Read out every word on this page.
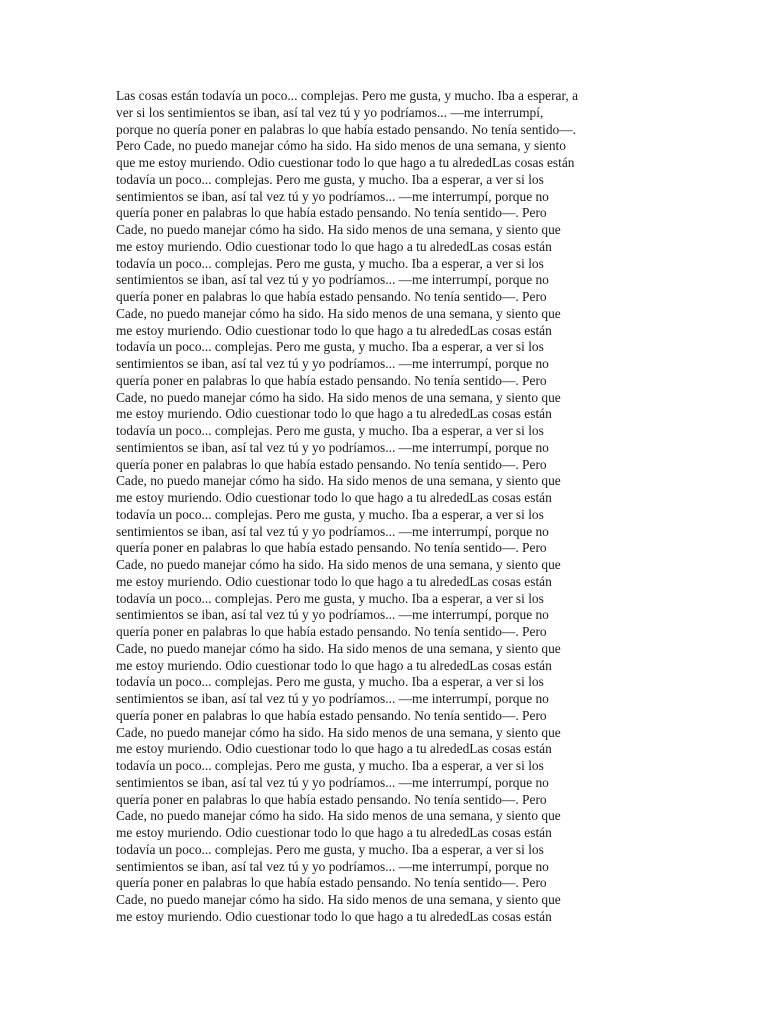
Las cosas están todavía un poco... complejas. Pero me gusta, y mucho. Iba a esperar, a
ver si los sentimientos se iban, así tal vez tú y yo podríamos... —me interrumpí,
porque no quería poner en palabras lo que había estado pensando. No tenía sentido—.
Pero Cade, no puedo manejar cómo ha sido. Ha sido menos de una semana, y siento
que me estoy muriendo. Odio cuestionar todo lo que hago a tu alrededLas cosas están
todavía un poco... complejas. Pero me gusta, y mucho. Iba a esperar, a ver si los
sentimientos se iban, así tal vez tú y yo podríamos... —me interrumpí, porque no
quería poner en palabras lo que había estado pensando. No tenía sentido—. Pero
Cade, no puedo manejar cómo ha sido. Ha sido menos de una semana, y siento que
me estoy muriendo. Odio cuestionar todo lo que hago a tu alrededLas cosas están
todavía un poco... complejas. Pero me gusta, y mucho. Iba a esperar, a ver si los
sentimientos se iban, así tal vez tú y yo podríamos... —me interrumpí, porque no
quería poner en palabras lo que había estado pensando. No tenía sentido—. Pero
Cade, no puedo manejar cómo ha sido. Ha sido menos de una semana, y siento que
me estoy muriendo. Odio cuestionar todo lo que hago a tu alrededLas cosas están
todavía un poco... complejas. Pero me gusta, y mucho. Iba a esperar, a ver si los
sentimientos se iban, así tal vez tú y yo podríamos... —me interrumpí, porque no
quería poner en palabras lo que había estado pensando. No tenía sentido—. Pero
Cade, no puedo manejar cómo ha sido. Ha sido menos de una semana, y siento que
me estoy muriendo. Odio cuestionar todo lo que hago a tu alrededLas cosas están
todavía un poco... complejas. Pero me gusta, y mucho. Iba a esperar, a ver si los
sentimientos se iban, así tal vez tú y yo podríamos... —me interrumpí, porque no
quería poner en palabras lo que había estado pensando. No tenía sentido—. Pero
Cade, no puedo manejar cómo ha sido. Ha sido menos de una semana, y siento que
me estoy muriendo. Odio cuestionar todo lo que hago a tu alrededLas cosas están
todavía un poco... complejas. Pero me gusta, y mucho. Iba a esperar, a ver si los
sentimientos se iban, así tal vez tú y yo podríamos... —me interrumpí, porque no
quería poner en palabras lo que había estado pensando. No tenía sentido—. Pero
Cade, no puedo manejar cómo ha sido. Ha sido menos de una semana, y siento que
me estoy muriendo. Odio cuestionar todo lo que hago a tu alrededLas cosas están
todavía un poco... complejas. Pero me gusta, y mucho. Iba a esperar, a ver si los
sentimientos se iban, así tal vez tú y yo podríamos... —me interrumpí, porque no
quería poner en palabras lo que había estado pensando. No tenía sentido—. Pero
Cade, no puedo manejar cómo ha sido. Ha sido menos de una semana, y siento que
me estoy muriendo. Odio cuestionar todo lo que hago a tu alrededLas cosas están
todavía un poco... complejas. Pero me gusta, y mucho. Iba a esperar, a ver si los
sentimientos se iban, así tal vez tú y yo podríamos... —me interrumpí, porque no
quería poner en palabras lo que había estado pensando. No tenía sentido—. Pero
Cade, no puedo manejar cómo ha sido. Ha sido menos de una semana, y siento que
me estoy muriendo. Odio cuestionar todo lo que hago a tu alrededLas cosas están
todavía un poco... complejas. Pero me gusta, y mucho. Iba a esperar, a ver si los
sentimientos se iban, así tal vez tú y yo podríamos... —me interrumpí, porque no
quería poner en palabras lo que había estado pensando. No tenía sentido—. Pero
Cade, no puedo manejar cómo ha sido. Ha sido menos de una semana, y siento que
me estoy muriendo. Odio cuestionar todo lo que hago a tu alrededLas cosas están
todavía un poco... complejas. Pero me gusta, y mucho. Iba a esperar, a ver si los
sentimientos se iban, así tal vez tú y yo podríamos... —me interrumpí, porque no
quería poner en palabras lo que había estado pensando. No tenía sentido—. Pero
Cade, no puedo manejar cómo ha sido. Ha sido menos de una semana, y siento que
me estoy muriendo. Odio cuestionar todo lo que hago a tu alrededLas cosas están
